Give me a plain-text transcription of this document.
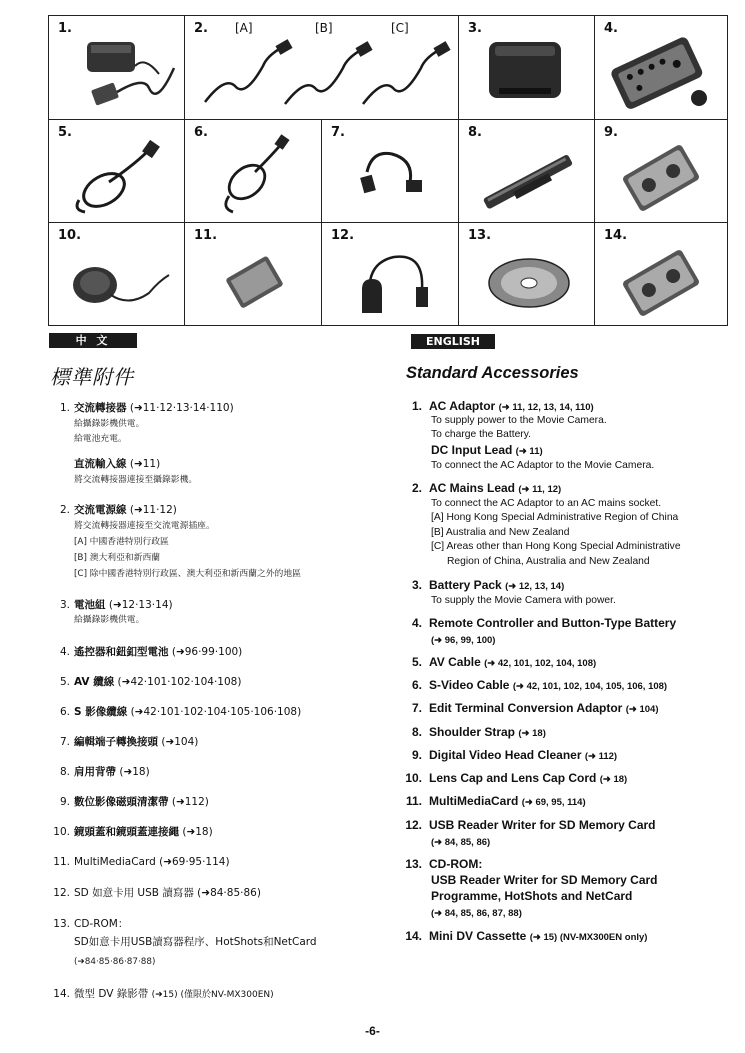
1.	2. [A]	[B]	[C]	3.	4.
5.	6.	7.	8.	9.
10.	11.	12.	13.	14.
中 文	ENGLISH
標準附件	Standard Accessories
1. 交流轉接器 (➜11·12·13·14·110)
給攝錄影機供電。
給電池充電。
直流輸入線 (➜11)
將交流轉接器連接至攝錄影機。
2. 交流電源線 (➜11·12)
將交流轉接器連接至交流電源插座。
[A] 中國香港特別行政區
[B] 澳大利亞和新西蘭
[C] 除中國香港特別行政區、澳大利亞和新西蘭之外的地區
3. 電池組 (➜12·13·14)
給攝錄影機供電。
4. 遙控器和鈕釦型電池 (➜96·99·100)
5. AV 纜線 (➜42·101·102·104·108)
6. S 影像纜線 (➜42·101·102·104·105·106·108)
7. 編輯端子轉換接頭 (➜104)
8. 肩用背帶 (➜18)
9. 數位影像磁頭清潔帶 (➜112)
10. 鏡頭蓋和鏡頭蓋連接繩 (➜18)
11. MultiMediaCard (➜69·95·114)
12. SD 如意卡用 USB 讀寫器 (➜84·85·86)
13. CD-ROM：
SD如意卡用USB讀寫器程序、HotShots和NetCard
(➜84·85·86·87·88)
14. 微型 DV 錄影帶 (➜15) (僅限於NV-MX300EN)
1. AC Adaptor (➜ 11, 12, 13, 14, 110)
To supply power to the Movie Camera.
To charge the Battery.
DC Input Lead (➜ 11)
To connect the AC Adaptor to the Movie Camera.
2. AC Mains Lead (➜ 11, 12)
To connect the AC Adaptor to an AC mains socket.
[A] Hong Kong Special Administrative Region of China
[B] Australia and New Zealand
[C] Areas other than Hong Kong Special Administrative
Region of China, Australia and New Zealand
3. Battery Pack (➜ 12, 13, 14)
To supply the Movie Camera with power.
4. Remote Controller and Button-Type Battery
(➜ 96, 99, 100)
5. AV Cable (➜ 42, 101, 102, 104, 108)
6. S-Video Cable (➜ 42, 101, 102, 104, 105, 106, 108)
7. Edit Terminal Conversion Adaptor (➜ 104)
8. Shoulder Strap (➜ 18)
9. Digital Video Head Cleaner (➜ 112)
10. Lens Cap and Lens Cap Cord (➜ 18)
11. MultiMediaCard (➜ 69, 95, 114)
12. USB Reader Writer for SD Memory Card
(➜ 84, 85, 86)
13. CD-ROM:
USB Reader Writer for SD Memory Card
Programme, HotShots and NetCard
(➜ 84, 85, 86, 87, 88)
14. Mini DV Cassette (➜ 15) (NV-MX300EN only)
-6-
